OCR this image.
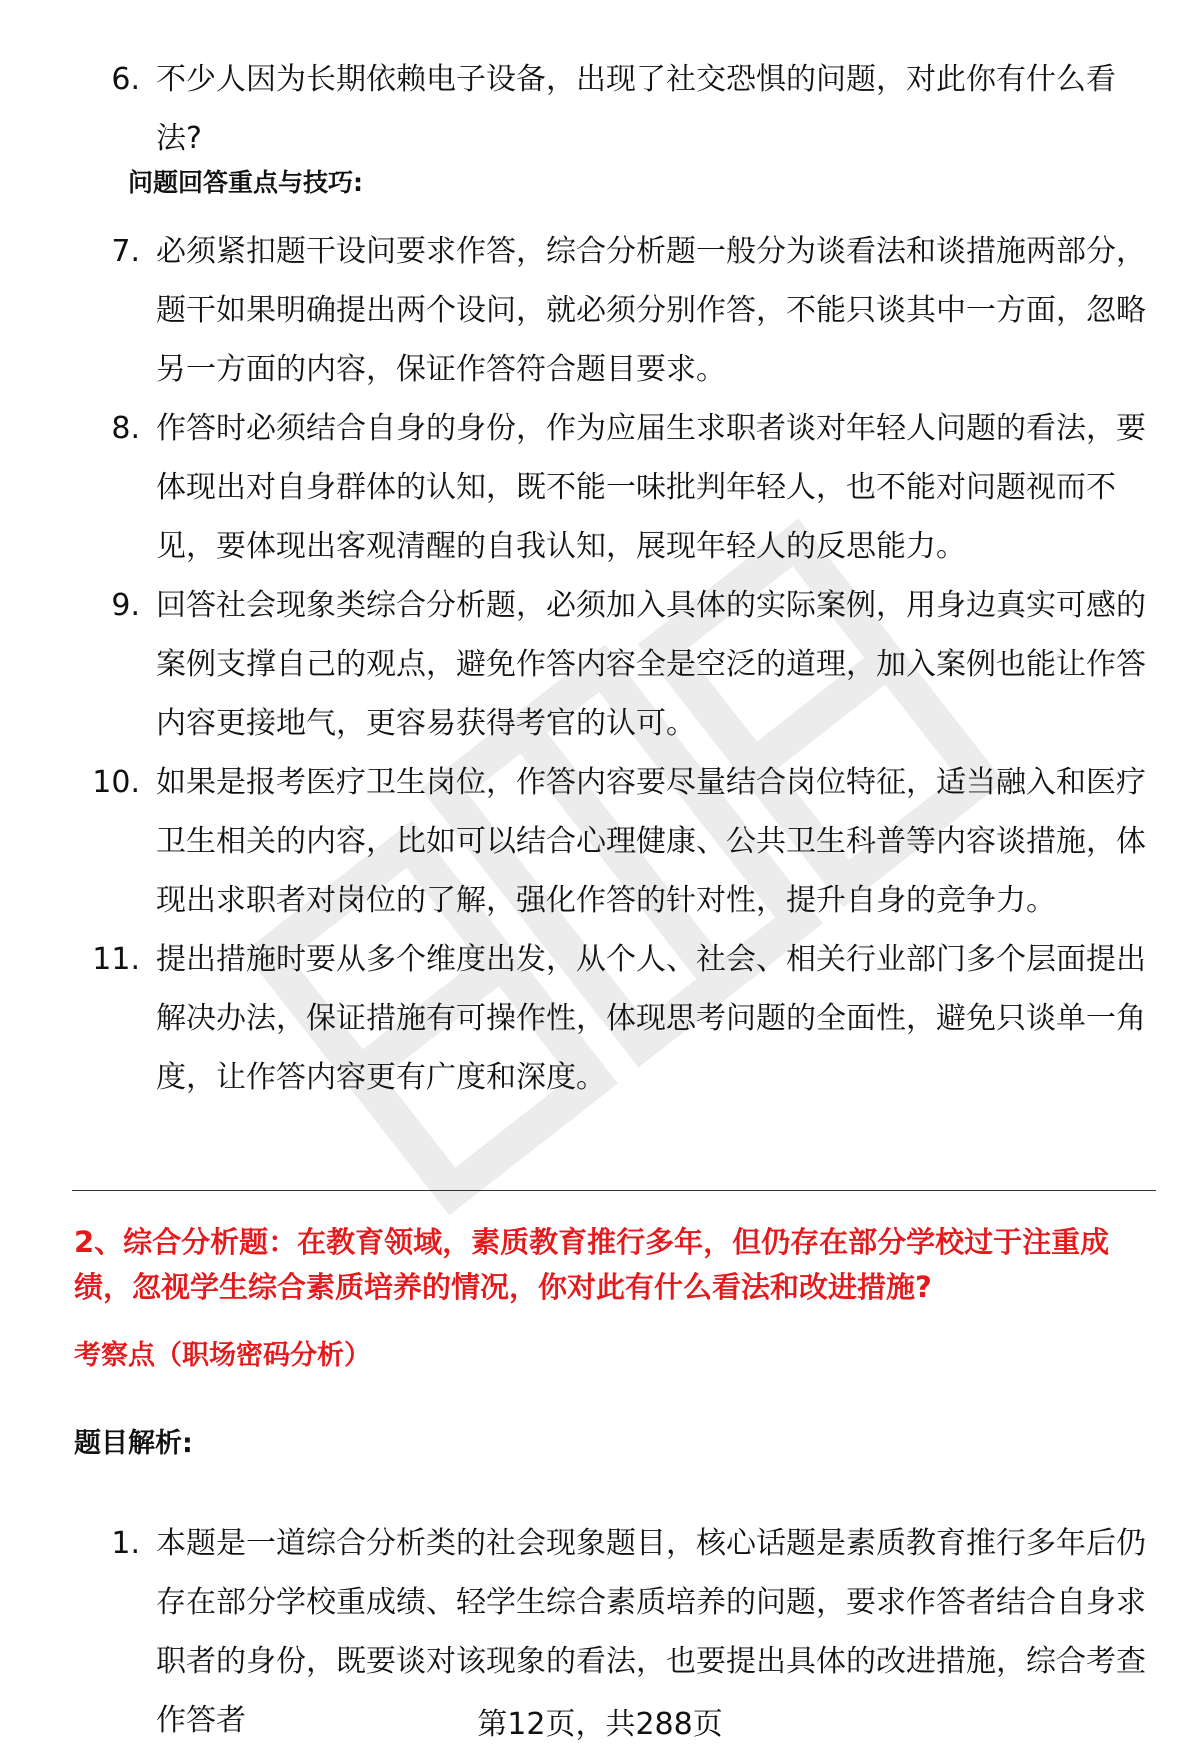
6. 不少人因为长期依赖电子设备，出现了社交恐惧的问题，对此你有什么看法?
问题回答重点与技巧:
7. 必须紧扣题干设问要求作答，综合分析题一般分为谈看法和谈措施两部分，题干如果明确提出两个设问，就必须分别作答，不能只谈其中一方面，忽略另一方面的内容，保证作答符合题目要求。
8. 作答时必须结合自身的身份，作为应届生求职者谈对年轻人问题的看法，要体现出对自身群体的认知，既不能一味批判年轻人，也不能对问题视而不见，要体现出客观清醒的自我认知，展现年轻人的反思能力。
9. 回答社会现象类综合分析题，必须加入具体的实际案例，用身边真实可感的案例支撑自己的观点，避免作答内容全是空泛的道理，加入案例也能让作答内容更接地气，更容易获得考官的认可。
10. 如果是报考医疗卫生岗位，作答内容要尽量结合岗位特征，适当融入和医疗卫生相关的内容，比如可以结合心理健康、公共卫生科普等内容谈措施，体现出求职者对岗位的了解，强化作答的针对性，提升自身的竞争力。
11. 提出措施时要从多个维度出发，从个人、社会、相关行业部门多个层面提出解决办法，保证措施有可操作性，体现思考问题的全面性，避免只谈单一角度，让作答内容更有广度和深度。
2、综合分析题：在教育领域，素质教育推行多年，但仍存在部分学校过于注重成绩，忽视学生综合素质培养的情况，你对此有什么看法和改进措施?
考察点（职场密码分析）
题目解析:
1. 本题是一道综合分析类的社会现象题目，核心话题是素质教育推行多年后仍存在部分学校重成绩、轻学生综合素质培养的问题，要求作答者结合自身求职者的身份，既要谈对该现象的看法，也要提出具体的改进措施，综合考查作答者	第12页，共288页
